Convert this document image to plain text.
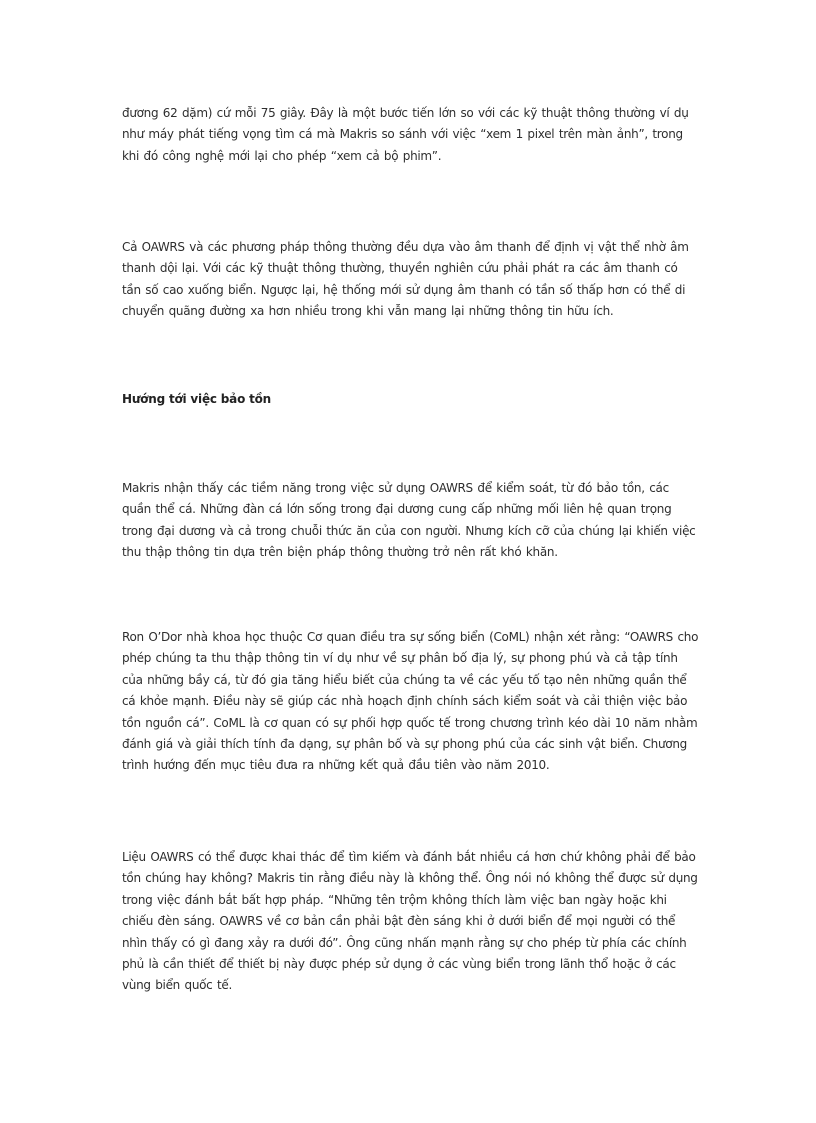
đương 62 dặm) cứ mỗi 75 giây. Đây là một bước tiến lớn so với các kỹ thuật thông thường ví dụ như máy phát tiếng vọng tìm cá mà Makris so sánh với việc “xem 1 pixel trên màn ảnh”, trong khi đó công nghệ mới lại cho phép “xem cả bộ phim”.

Cả OAWRS và các phương pháp thông thường đều dựa vào âm thanh để định vị vật thể nhờ âm thanh dội lại. Với các kỹ thuật thông thường, thuyền nghiên cứu phải phát ra các âm thanh có tần số cao xuống biển. Ngược lại, hệ thống mới sử dụng âm thanh có tần số thấp hơn có thể di chuyển quãng đường xa hơn nhiều trong khi vẫn mang lại những thông tin hữu ích.

Hướng tới việc bảo tồn

Makris nhận thấy các tiềm năng trong việc sử dụng OAWRS để kiểm soát, từ đó bảo tồn, các quần thể cá. Những đàn cá lớn sống trong đại dương cung cấp những mối liên hệ quan trọng trong đại dương và cả trong chuỗi thức ăn của con người. Nhưng kích cỡ của chúng lại khiến việc thu thập thông tin dựa trên biện pháp thông thường trở nên rất khó khăn.

Ron O’Dor nhà khoa học thuộc Cơ quan điều tra sự sống biển (CoML) nhận xét rằng: “OAWRS cho phép chúng ta thu thập thông tin ví dụ như về sự phân bố địa lý, sự phong phú và cả tập tính của những bầy cá, từ đó gia tăng hiểu biết của chúng ta về các yếu tố tạo nên những quần thể cá khỏe mạnh. Điều này sẽ giúp các nhà hoạch định chính sách kiểm soát và cải thiện việc bảo tồn nguồn cá”. CoML là cơ quan có sự phối hợp quốc tế trong chương trình kéo dài 10 năm nhằm đánh giá và giải thích tính đa dạng, sự phân bố và sự phong phú của các sinh vật biển. Chương trình hướng đến mục tiêu đưa ra những kết quả đầu tiên vào năm 2010.

Liệu OAWRS có thể được khai thác để tìm kiếm và đánh bắt nhiều cá hơn chứ không phải để bảo tồn chúng hay không? Makris tin rằng điều này là không thể. Ông nói nó không thể được sử dụng trong việc đánh bắt bất hợp pháp. “Những tên trộm không thích làm việc ban ngày hoặc khi chiếu đèn sáng. OAWRS về cơ bản cần phải bật đèn sáng khi ở dưới biển để mọi người có thể nhìn thấy có gì đang xảy ra dưới đó”. Ông cũng nhấn mạnh rằng sự cho phép từ phía các chính phủ là cần thiết để thiết bị này được phép sử dụng ở các vùng biển trong lãnh thổ hoặc ở các vùng biển quốc tế.
